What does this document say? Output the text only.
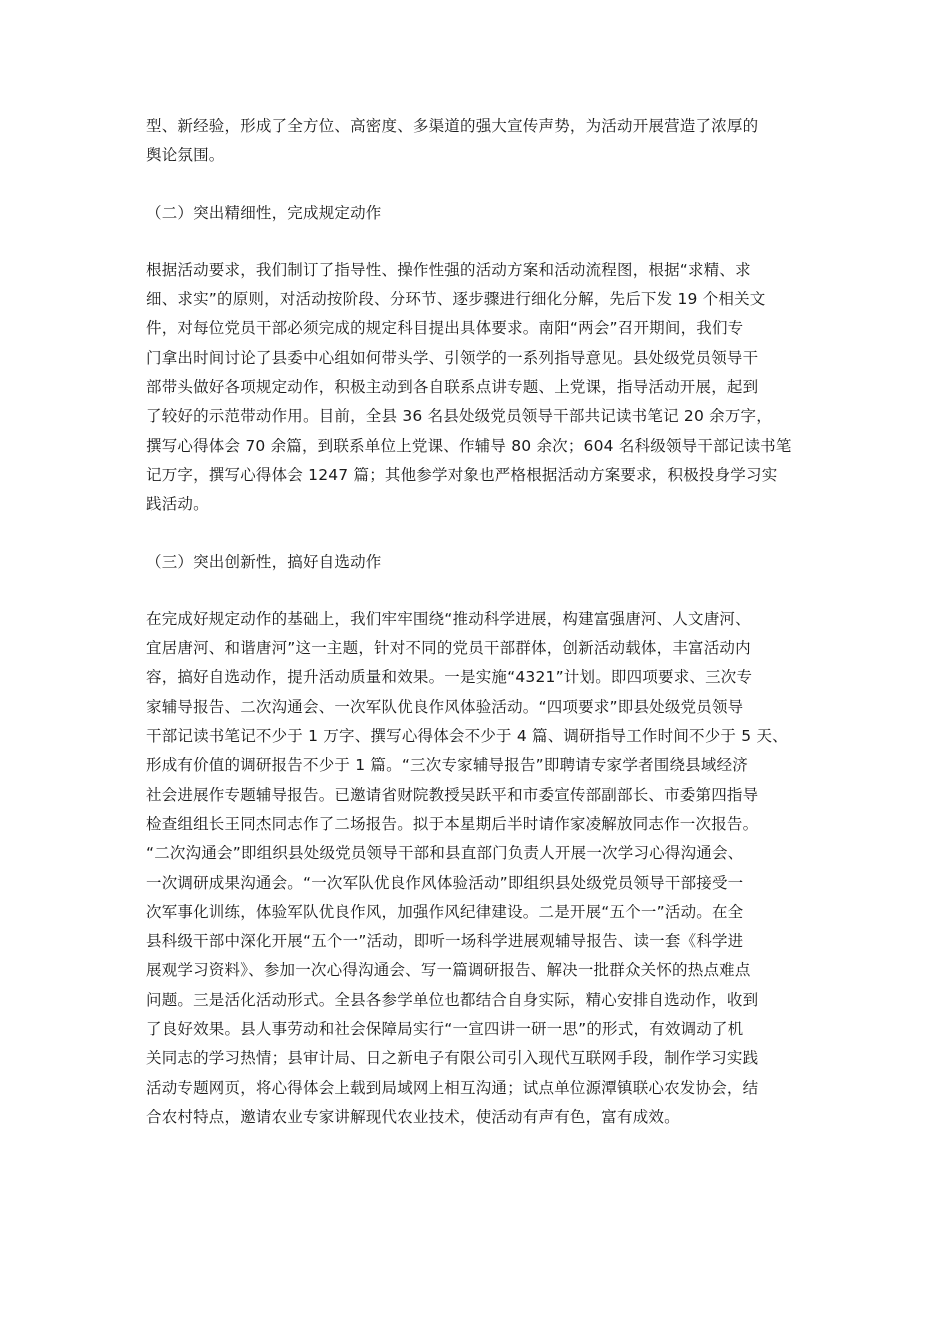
型、新经验，形成了全方位、高密度、多渠道的强大宣传声势，为活动开展营造了浓厚的
舆论氛围。

（二）突出精细性，完成规定动作

根据活动要求，我们制订了指导性、操作性强的活动方案和活动流程图，根据“求精、求
细、求实”的原则，对活动按阶段、分环节、逐步骤进行细化分解，先后下发 19 个相关文
件，对每位党员干部必须完成的规定科目提出具体要求。南阳“两会”召开期间，我们专
门拿出时间讨论了县委中心组如何带头学、引领学的一系列指导意见。县处级党员领导干
部带头做好各项规定动作，积极主动到各自联系点讲专题、上党课，指导活动开展，起到
了较好的示范带动作用。目前，全县 36 名县处级党员领导干部共记读书笔记 20 余万字，
撰写心得体会 70 余篇，到联系单位上党课、作辅导 80 余次；604 名科级领导干部记读书笔
记万字，撰写心得体会 1247 篇；其他参学对象也严格根据活动方案要求，积极投身学习实
践活动。

（三）突出创新性，搞好自选动作

在完成好规定动作的基础上，我们牢牢围绕“推动科学进展，构建富强唐河、人文唐河、
宜居唐河、和谐唐河”这一主题，针对不同的党员干部群体，创新活动载体，丰富活动内
容，搞好自选动作，提升活动质量和效果。一是实施“4321”计划。即四项要求、三次专
家辅导报告、二次沟通会、一次军队优良作风体验活动。“四项要求”即县处级党员领导
干部记读书笔记不少于 1 万字、撰写心得体会不少于 4 篇、调研指导工作时间不少于 5 天、
形成有价值的调研报告不少于 1 篇。“三次专家辅导报告”即聘请专家学者围绕县域经济
社会进展作专题辅导报告。已邀请省财院教授吴跃平和市委宣传部副部长、市委第四指导
检查组组长王同杰同志作了二场报告。拟于本星期后半时请作家凌解放同志作一次报告。
“二次沟通会”即组织县处级党员领导干部和县直部门负责人开展一次学习心得沟通会、
一次调研成果沟通会。“一次军队优良作风体验活动”即组织县处级党员领导干部接受一
次军事化训练，体验军队优良作风，加强作风纪律建设。二是开展“五个一”活动。在全
县科级干部中深化开展“五个一”活动，即听一场科学进展观辅导报告、读一套《科学进
展观学习资料》、参加一次心得沟通会、写一篇调研报告、解决一批群众关怀的热点难点
问题。三是活化活动形式。全县各参学单位也都结合自身实际，精心安排自选动作，收到
了良好效果。县人事劳动和社会保障局实行“一宣四讲一研一思”的形式，有效调动了机
关同志的学习热情；县审计局、日之新电子有限公司引入现代互联网手段，制作学习实践
活动专题网页，将心得体会上载到局域网上相互沟通；试点单位源潭镇联心农发协会，结
合农村特点，邀请农业专家讲解现代农业技术，使活动有声有色，富有成效。
